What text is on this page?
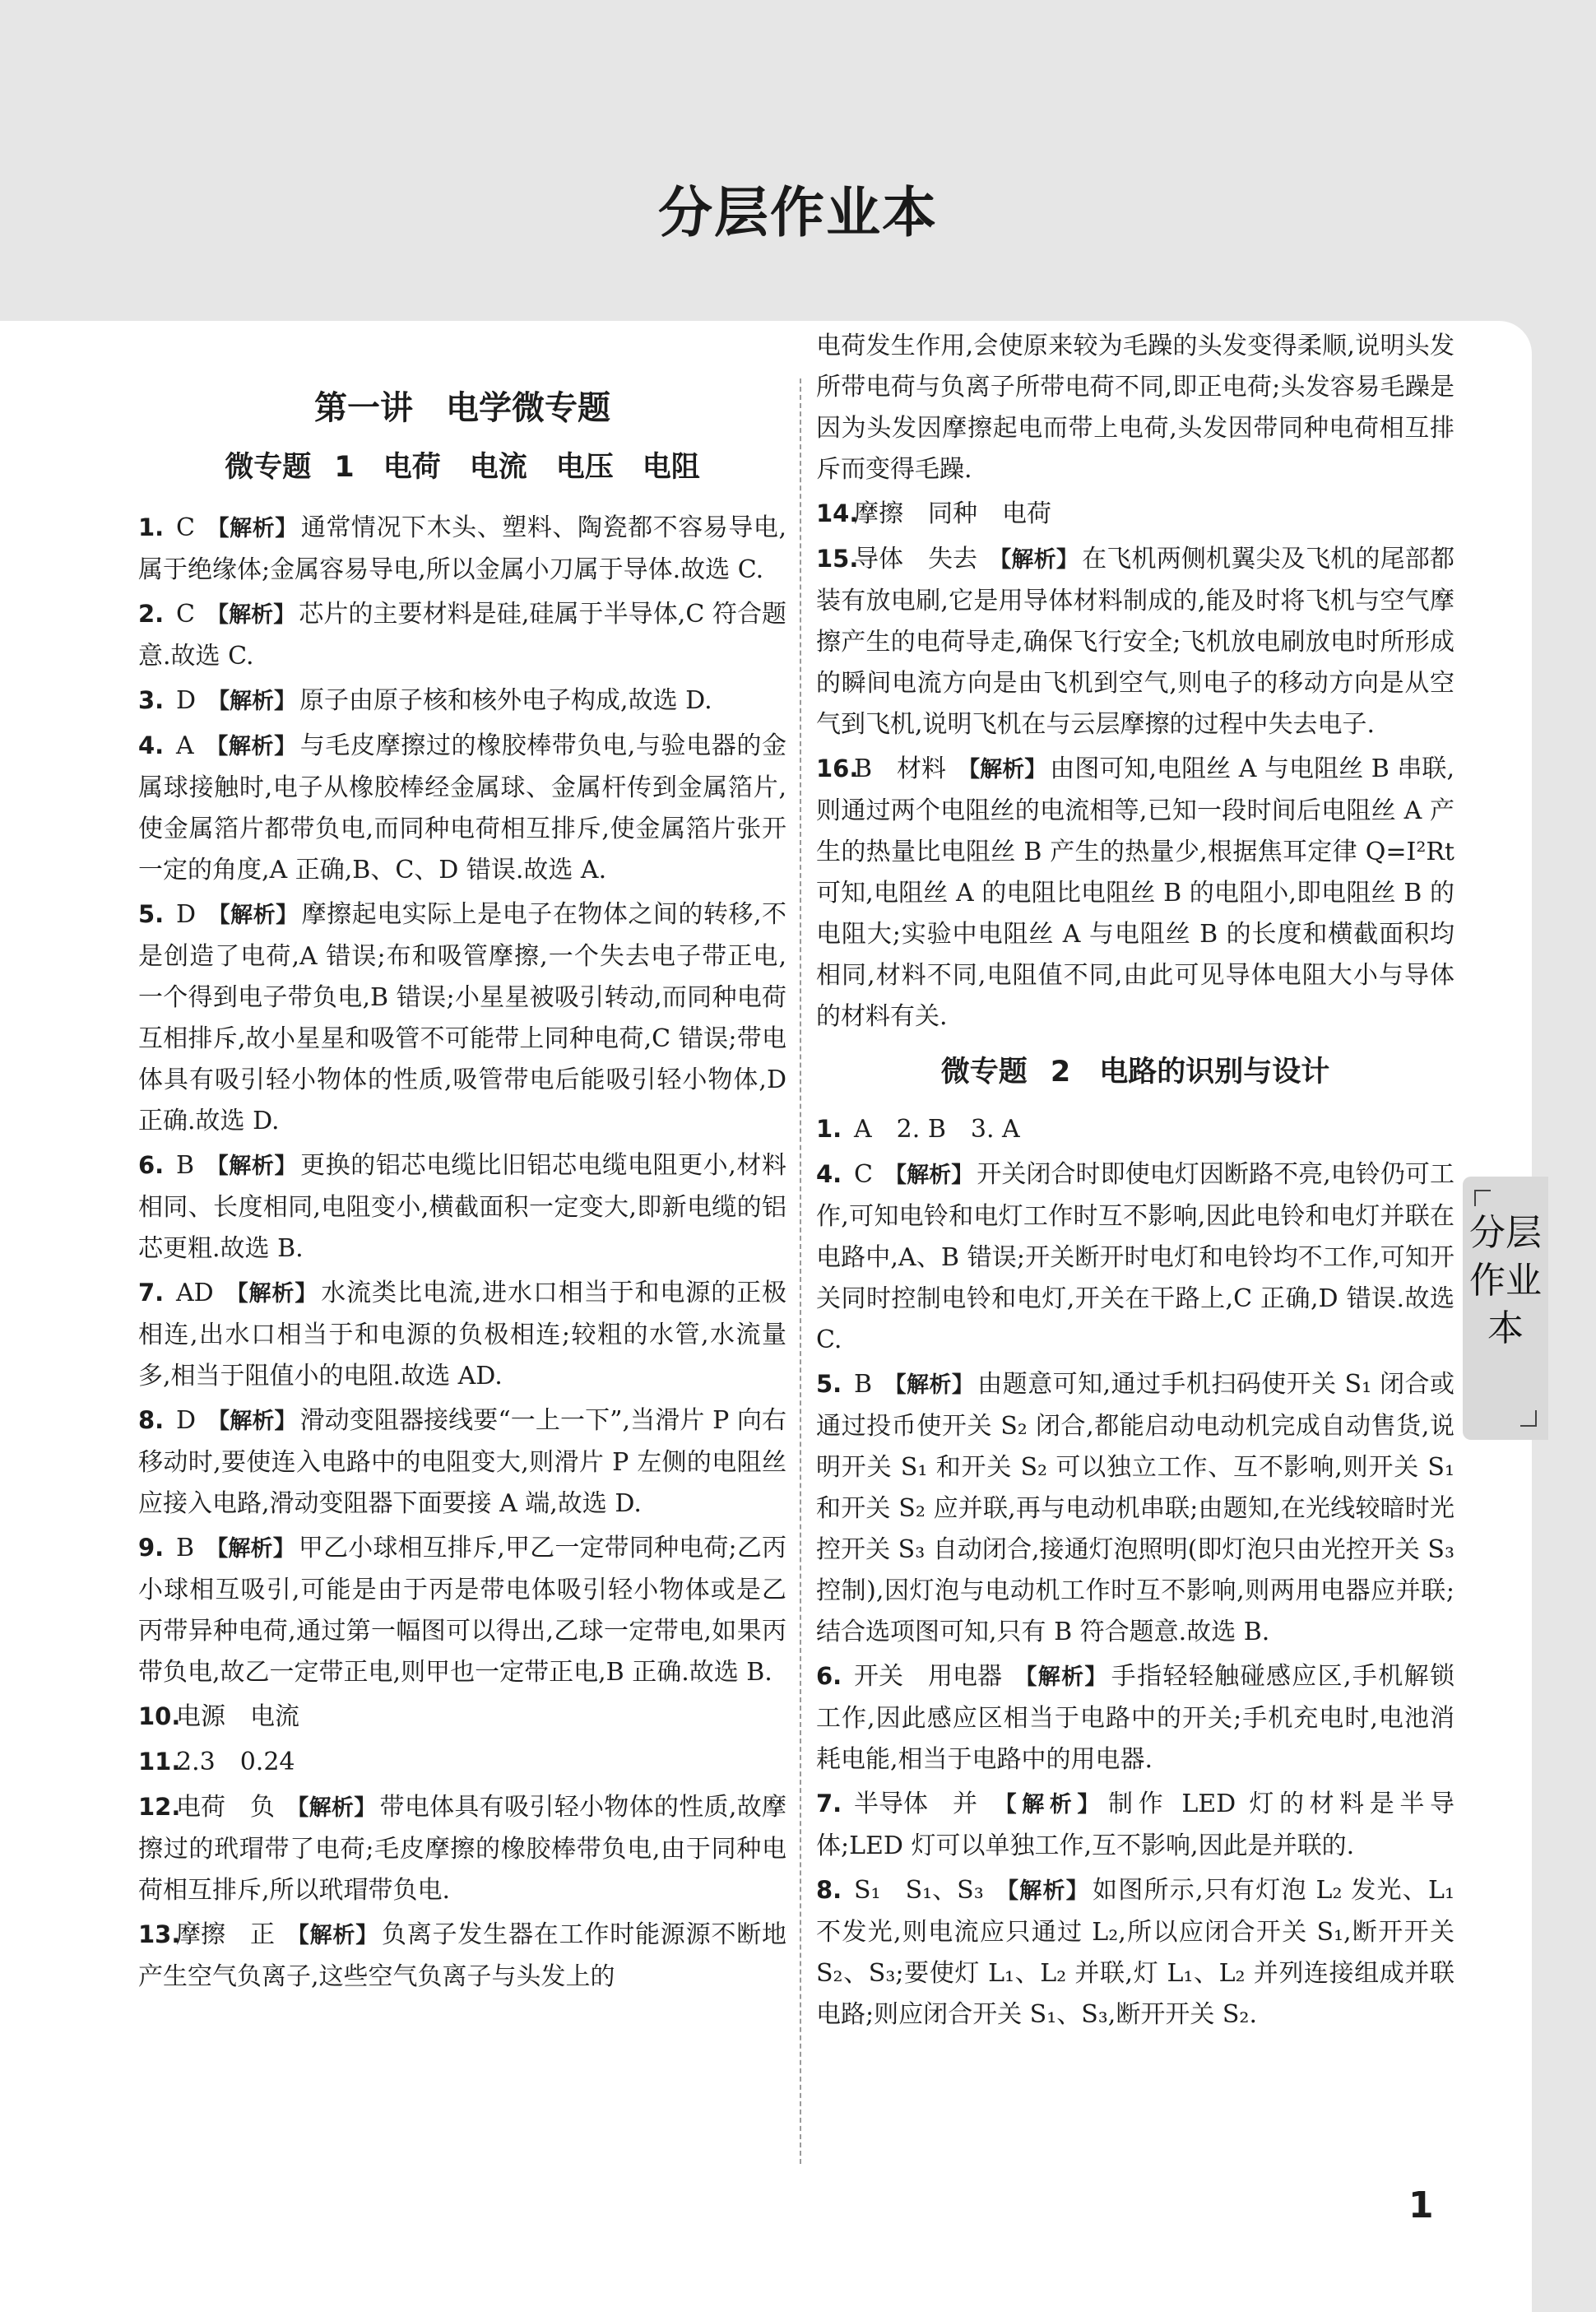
分层作业本
第一讲　电学微专题
微专题 1　电荷　电流　电压　电阻
1. C 【解析】 通常情况下木头、塑料、陶瓷都不容易导电,属于绝缘体;金属容易导电,所以金属小刀属于导体.故选 C.
2. C 【解析】 芯片的主要材料是硅,硅属于半导体,C 符合题意.故选 C.
3. D 【解析】 原子由原子核和核外电子构成,故选 D.
4. A 【解析】 与毛皮摩擦过的橡胶棒带负电,与验电器的金属球接触时,电子从橡胶棒经金属球、金属杆传到金属箔片,使金属箔片都带负电,而同种电荷相互排斥,使金属箔片张开一定的角度,A 正确,B、C、D 错误.故选 A.
5. D 【解析】 摩擦起电实际上是电子在物体之间的转移,不是创造了电荷,A 错误;布和吸管摩擦,一个失去电子带正电,一个得到电子带负电,B 错误;小星星被吸引转动,而同种电荷互相排斥,故小星星和吸管不可能带上同种电荷,C 错误;带电体具有吸引轻小物体的性质,吸管带电后能吸引轻小物体,D 正确.故选 D.
6. B 【解析】 更换的铝芯电缆比旧铝芯电缆电阻更小,材料相同、长度相同,电阻变小,横截面积一定变大,即新电缆的铝芯更粗.故选 B.
7. AD 【解析】 水流类比电流,进水口相当于和电源的正极相连,出水口相当于和电源的负极相连;较粗的水管,水流量多,相当于阻值小的电阻.故选 AD.
8. D 【解析】 滑动变阻器接线要“一上一下”,当滑片 P 向右移动时,要使连入电路中的电阻变大,则滑片 P 左侧的电阻丝应接入电路,滑动变阻器下面要接 A 端,故选 D.
9. B 【解析】 甲乙小球相互排斥,甲乙一定带同种电荷;乙丙小球相互吸引,可能是由于丙是带电体吸引轻小物体或是乙丙带异种电荷,通过第一幅图可以得出,乙球一定带电,如果丙带负电,故乙一定带正电,则甲也一定带正电,B 正确.故选 B.
10.电源　电流
11.2.3　0.24
12.电荷　负 【解析】 带电体具有吸引轻小物体的性质,故摩擦过的玳瑁带了电荷;毛皮摩擦的橡胶棒带负电,由于同种电荷相互排斥,所以玳瑁带负电.
13.摩擦　正 【解析】 负离子发生器在工作时能源源不断地产生空气负离子,这些空气负离子与头发上的
电荷发生作用,会使原来较为毛躁的头发变得柔顺,说明头发所带电荷与负离子所带电荷不同,即正电荷;头发容易毛躁是因为头发因摩擦起电而带上电荷,头发因带同种电荷相互排斥而变得毛躁.
14.摩擦　同种　电荷
15.导体　失去 【解析】 在飞机两侧机翼尖及飞机的尾部都装有放电刷,它是用导体材料制成的,能及时将飞机与空气摩擦产生的电荷导走,确保飞行安全;飞机放电刷放电时所形成的瞬间电流方向是由飞机到空气,则电子的移动方向是从空气到飞机,说明飞机在与云层摩擦的过程中失去电子.
16.B　材料 【解析】 由图可知,电阻丝 A 与电阻丝 B 串联,则通过两个电阻丝的电流相等,已知一段时间后电阻丝 A 产生的热量比电阻丝 B 产生的热量少,根据焦耳定律 Q=I²Rt 可知,电阻丝 A 的电阻比电阻丝 B 的电阻小,即电阻丝 B 的电阻大;实验中电阻丝 A 与电阻丝 B 的长度和横截面积均相同,材料不同,电阻值不同,由此可见导体电阻大小与导体的材料有关.
微专题 2　电路的识别与设计
1. A　2. B　3. A
4. C 【解析】 开关闭合时即使电灯因断路不亮,电铃仍可工作,可知电铃和电灯工作时互不影响,因此电铃和电灯并联在电路中,A、B 错误;开关断开时电灯和电铃均不工作,可知开关同时控制电铃和电灯,开关在干路上,C 正确,D 错误.故选 C.
5. B 【解析】 由题意可知,通过手机扫码使开关 S₁ 闭合或通过投币使开关 S₂ 闭合,都能启动电动机完成自动售货,说明开关 S₁ 和开关 S₂ 可以独立工作、互不影响,则开关 S₁ 和开关 S₂ 应并联,再与电动机串联;由题知,在光线较暗时光控开关 S₃ 自动闭合,接通灯泡照明(即灯泡只由光控开关 S₃ 控制),因灯泡与电动机工作时互不影响,则两用电器应并联;结合选项图可知,只有 B 符合题意.故选 B.
6. 开关　用电器 【解析】 手指轻轻触碰感应区,手机解锁工作,因此感应区相当于电路中的开关;手机充电时,电池消耗电能,相当于电路中的用电器.
7. 半导体　并 【解析】 制作 LED 灯的材料是半导体;LED 灯可以单独工作,互不影响,因此是并联的.
8. S₁　S₁、S₃ 【解析】 如图所示,只有灯泡 L₂ 发光、L₁ 不发光,则电流应只通过 L₂,所以应闭合开关 S₁,断开开关 S₂、S₃;要使灯 L₁、L₂ 并联,灯 L₁、L₂ 并列连接组成并联电路;则应闭合开关 S₁、S₃,断开开关 S₂.
分层作业本
1
